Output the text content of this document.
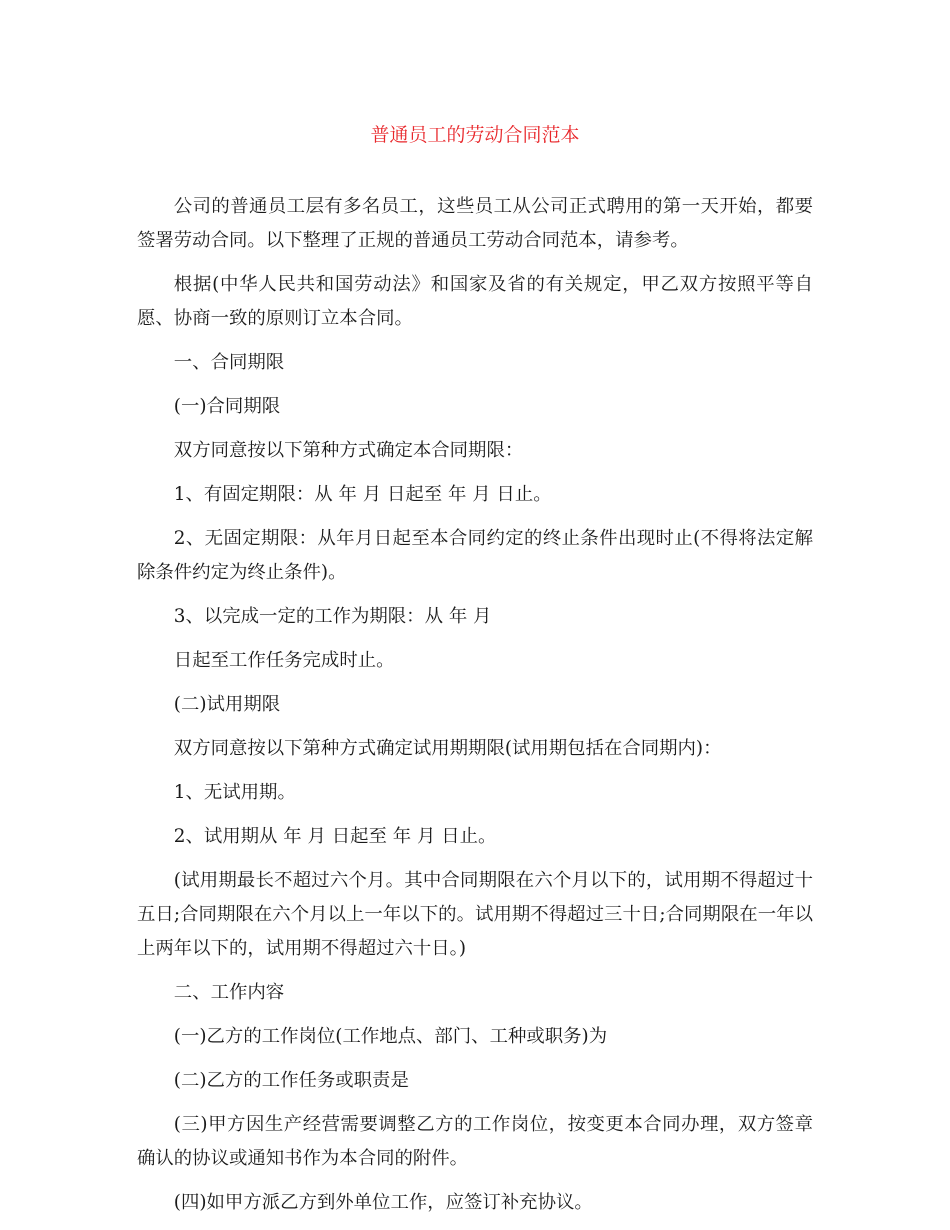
普通员工的劳动合同范本

公司的普通员工层有多名员工，这些员工从公司正式聘用的第一天开始，都要签署劳动合同。以下整理了正规的普通员工劳动合同范本，请参考。

根据(中华人民共和国劳动法》和国家及省的有关规定，甲乙双方按照平等自愿、协商一致的原则订立本合同。

一、合同期限

(一)合同期限

双方同意按以下第种方式确定本合同期限：

1、有固定期限：从 年 月 日起至 年 月 日止。

2、无固定期限：从年月日起至本合同约定的终止条件出现时止(不得将法定解除条件约定为终止条件)。

3、以完成一定的工作为期限：从 年 月

日起至工作任务完成时止。

(二)试用期限

双方同意按以下第种方式确定试用期期限(试用期包括在合同期内)：

1、无试用期。

2、试用期从 年 月 日起至 年 月 日止。

(试用期最长不超过六个月。其中合同期限在六个月以下的，试用期不得超过十五日;合同期限在六个月以上一年以下的。试用期不得超过三十日;合同期限在一年以上两年以下的，试用期不得超过六十日。)

二、工作内容

(一)乙方的工作岗位(工作地点、部门、工种或职务)为

(二)乙方的工作任务或职责是

(三)甲方因生产经营需要调整乙方的工作岗位，按变更本合同办理，双方签章确认的协议或通知书作为本合同的附件。

(四)如甲方派乙方到外单位工作，应签订补充协议。
